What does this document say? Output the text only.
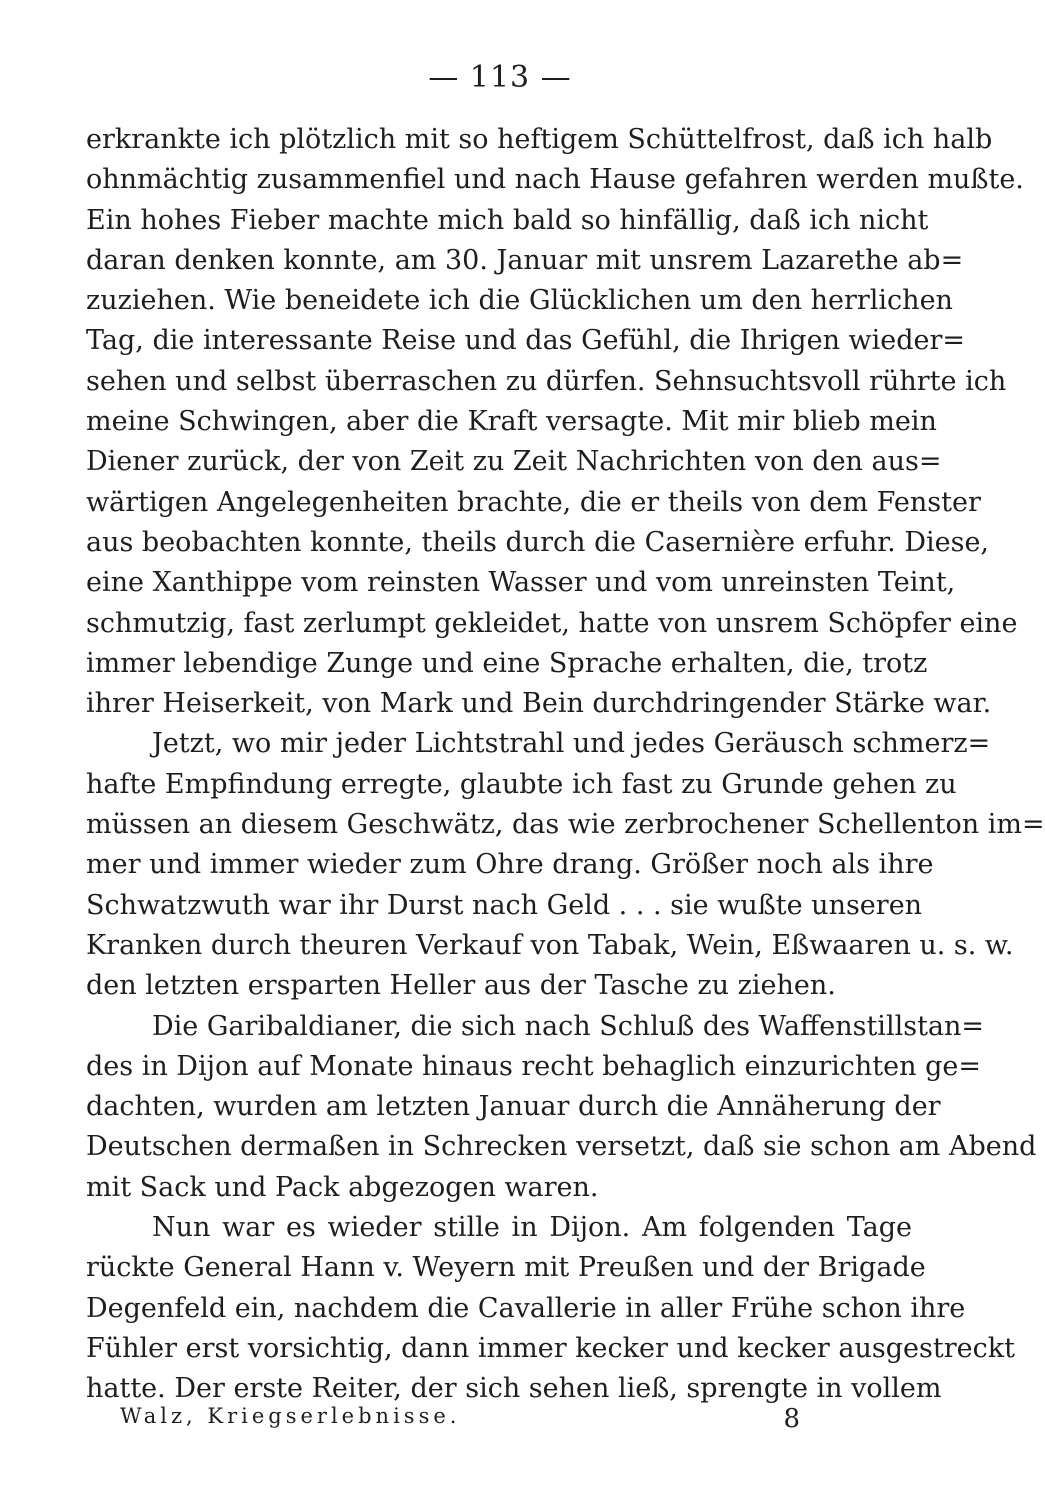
— 113 —
erkrankte ich plötzlich mit so heftigem Schüttelfrost, daß ich halb
ohnmächtig zusammenfiel und nach Hause gefahren werden mußte.
Ein hohes Fieber machte mich bald so hinfällig, daß ich nicht
daran denken konnte, am 30. Januar mit unsrem Lazarethe ab=
zuziehen. Wie beneidete ich die Glücklichen um den herrlichen
Tag, die interessante Reise und das Gefühl, die Ihrigen wieder=
sehen und selbst überraschen zu dürfen. Sehnsuchtsvoll rührte ich
meine Schwingen, aber die Kraft versagte. Mit mir blieb mein
Diener zurück, der von Zeit zu Zeit Nachrichten von den aus=
wärtigen Angelegenheiten brachte, die er theils von dem Fenster
aus beobachten konnte, theils durch die Casernière erfuhr. Diese,
eine Xanthippe vom reinsten Wasser und vom unreinsten Teint,
schmutzig, fast zerlumpt gekleidet, hatte von unsrem Schöpfer eine
immer lebendige Zunge und eine Sprache erhalten, die, trotz
ihrer Heiserkeit, von Mark und Bein durchdringender Stärke war.
Jetzt, wo mir jeder Lichtstrahl und jedes Geräusch schmerz=
hafte Empfindung erregte, glaubte ich fast zu Grunde gehen zu
müssen an diesem Geschwätz, das wie zerbrochener Schellenton im=
mer und immer wieder zum Ohre drang. Größer noch als ihre
Schwatzwuth war ihr Durst nach Geld . . . sie wußte unseren
Kranken durch theuren Verkauf von Tabak, Wein, Eßwaaren u. s. w.
den letzten ersparten Heller aus der Tasche zu ziehen.
Die Garibaldianer, die sich nach Schluß des Waffenstillstan=
des in Dijon auf Monate hinaus recht behaglich einzurichten ge=
dachten, wurden am letzten Januar durch die Annäherung der
Deutschen dermaßen in Schrecken versetzt, daß sie schon am Abend
mit Sack und Pack abgezogen waren.
Nun war es wieder stille in Dijon. Am folgenden Tage
rückte General Hann v. Weyern mit Preußen und der Brigade
Degenfeld ein, nachdem die Cavallerie in aller Frühe schon ihre
Fühler erst vorsichtig, dann immer kecker und kecker ausgestreckt
hatte. Der erste Reiter, der sich sehen ließ, sprengte in vollem
Walz, Kriegserlebnisse.	8
